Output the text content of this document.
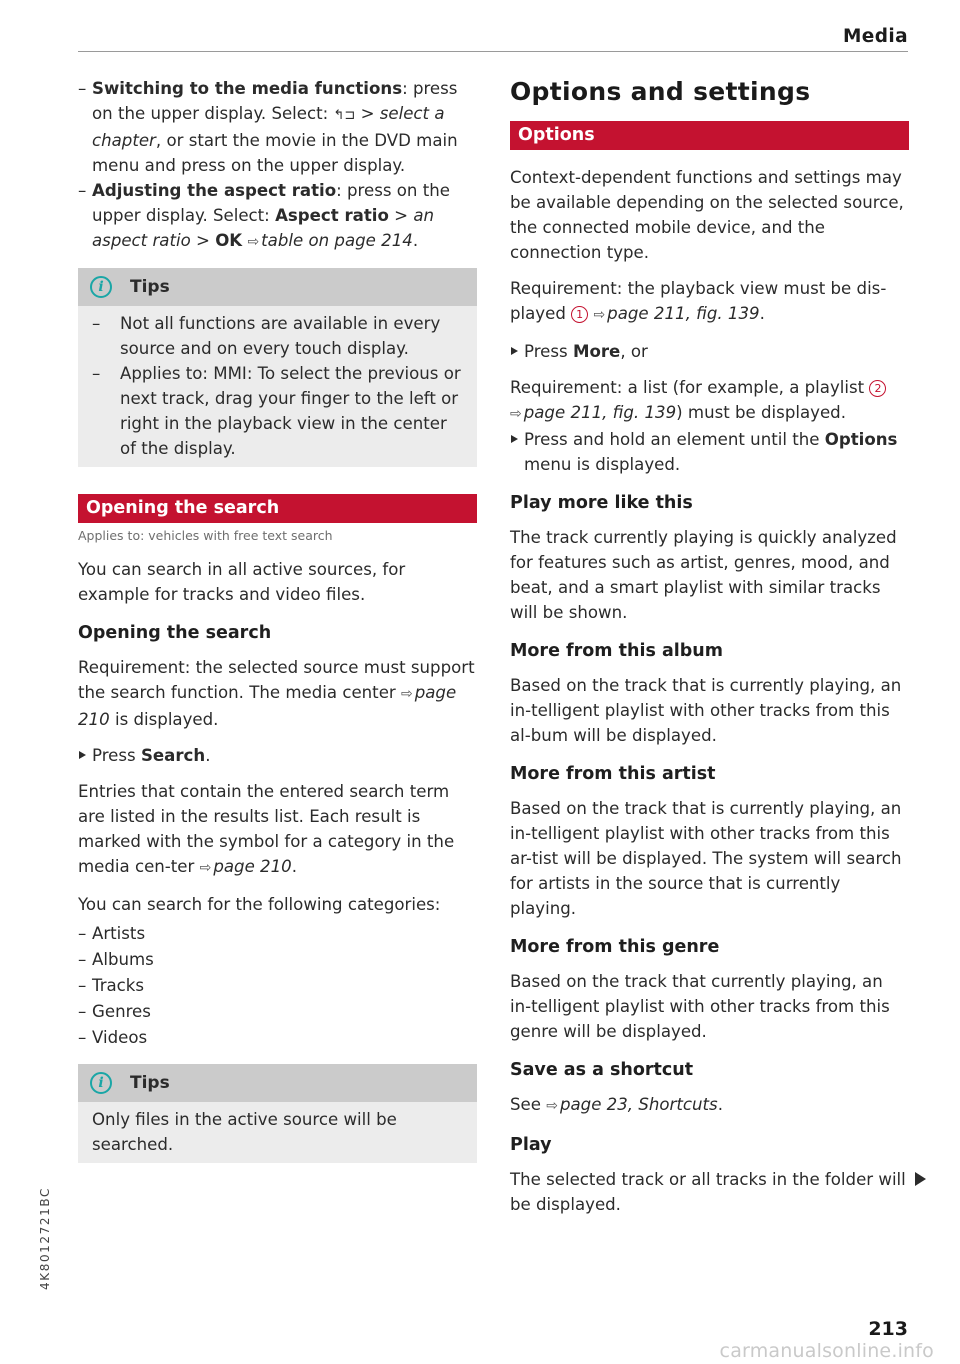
Media

– Switching to the media functions: press on the upper display. Select: ↰⊐ > select a chapter, or start the movie in the DVD main menu and press on the upper display.

– Adjusting the aspect ratio: press on the upper display. Select: Aspect ratio > an aspect ratio > OK ⇨ table on page 214.

i	Tips

– Not all functions are available in every source and on every touch display.

– Applies to: MMI: To select the previous or next track, drag your finger to the left or right in the playback view in the center of the display.

Opening the search
Applies to: vehicles with free text search

You can search in all active sources, for example for tracks and video files.

Opening the search

Requirement: the selected source must support the search function. The media center ⇨ page 210 is displayed.

Press Search.

Entries that contain the entered search term are listed in the results list. Each result is marked with the symbol for a category in the media cen-ter ⇨ page 210.

You can search for the following categories:

– Artists

– Albums

– Tracks

– Genres

– Videos

i	Tips

Only files in the active source will be searched.

Options and settings
Options

Context-dependent functions and settings may be available depending on the selected source, the connected mobile device, and the connection type.

Requirement: the playback view must be dis-played 1 ⇨ page 211, fig. 139.

Press More, or

Requirement: a list (for example, a playlist 2
⇨ page 211, fig. 139) must be displayed.

Press and hold an element until the Options menu is displayed.

Play more like this

The track currently playing is quickly analyzed for features such as artist, genres, mood, and beat, and a smart playlist with similar tracks will be shown.

More from this album

Based on the track that is currently playing, an in-telligent playlist with other tracks from this al-bum will be displayed.

More from this artist

Based on the track that is currently playing, an in-telligent playlist with other tracks from this ar-tist will be displayed. The system will search for artists in the source that is currently playing.

More from this genre

Based on the track that currently playing, an in-telligent playlist with other tracks from this genre will be displayed.

Save as a shortcut

See ⇨ page 23, Shortcuts.

Play

The selected track or all tracks in the folder will be displayed.

4K8012721BC
213
carmanualsonline.info
